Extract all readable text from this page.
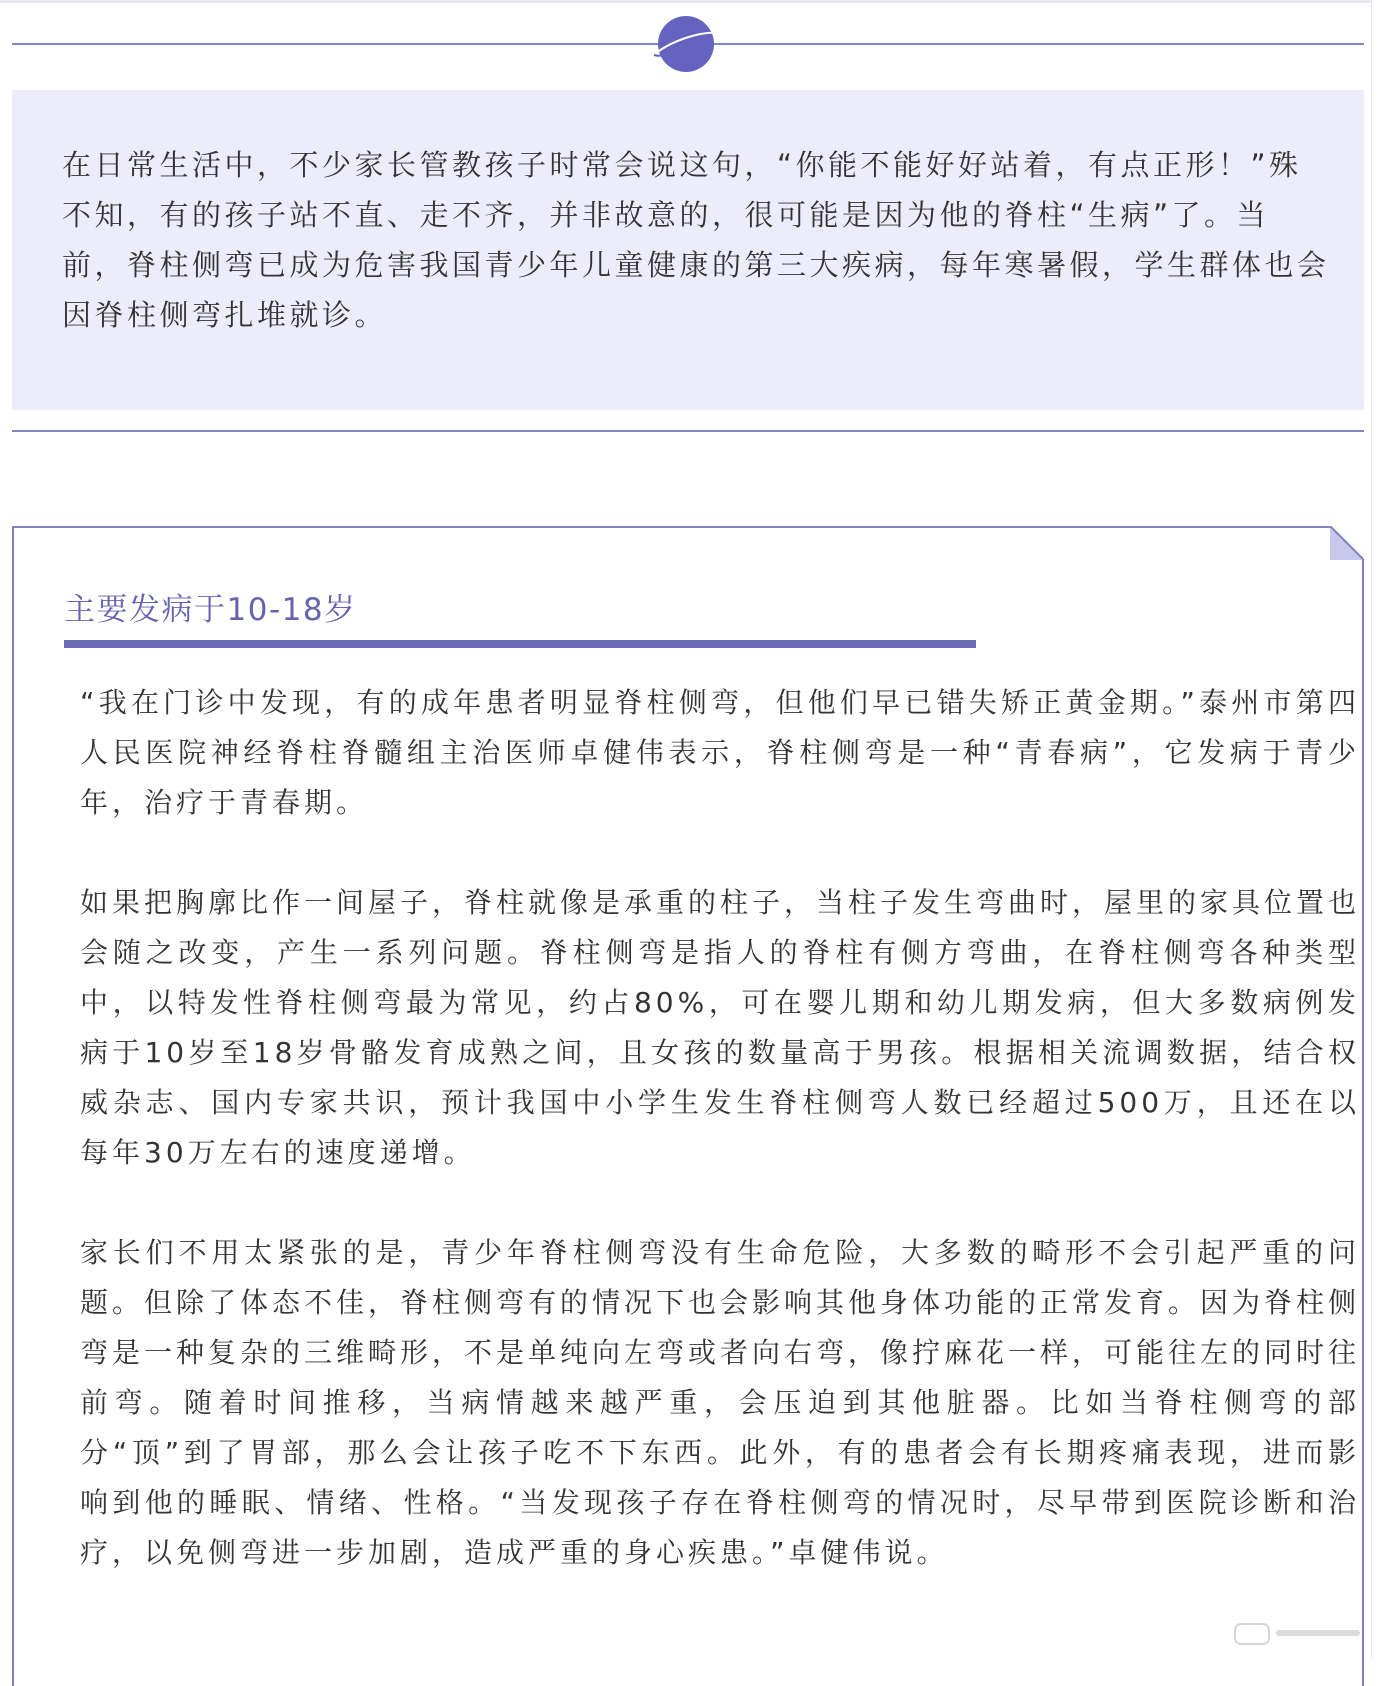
在日常生活中，不少家长管教孩子时常会说这句，“你能不能好好站着，有点正形！”殊不知，有的孩子站不直、走不齐，并非故意的，很可能是因为他的脊柱“生病”了。当前，脊柱侧弯已成为危害我国青少年儿童健康的第三大疾病，每年寒暑假，学生群体也会因脊柱侧弯扎堆就诊。

主要发病于10-18岁

“我在门诊中发现，有的成年患者明显脊柱侧弯，但他们早已错失矫正黄金期。”泰州市第四人民医院神经脊柱脊髓组主治医师卓健伟表示，脊柱侧弯是一种“青春病”，它发病于青少年，治疗于青春期。

如果把胸廓比作一间屋子，脊柱就像是承重的柱子，当柱子发生弯曲时，屋里的家具位置也会随之改变，产生一系列问题。脊柱侧弯是指人的脊柱有侧方弯曲，在脊柱侧弯各种类型中，以特发性脊柱侧弯最为常见，约占80%，可在婴儿期和幼儿期发病，但大多数病例发病于10岁至18岁骨骼发育成熟之间，且女孩的数量高于男孩。根据相关流调数据，结合权威杂志、国内专家共识，预计我国中小学生发生脊柱侧弯人数已经超过500万，且还在以每年30万左右的速度递增。

家长们不用太紧张的是，青少年脊柱侧弯没有生命危险，大多数的畸形不会引起严重的问题。但除了体态不佳，脊柱侧弯有的情况下也会影响其他身体功能的正常发育。因为脊柱侧弯是一种复杂的三维畸形，不是单纯向左弯或者向右弯，像拧麻花一样，可能往左的同时往前弯。随着时间推移，当病情越来越严重，会压迫到其他脏器。比如当脊柱侧弯的部分“顶”到了胃部，那么会让孩子吃不下东西。此外，有的患者会有长期疼痛表现，进而影响到他的睡眠、情绪、性格。“当发现孩子存在脊柱侧弯的情况时，尽早带到医院诊断和治疗，以免侧弯进一步加剧，造成严重的身心疾患。”卓健伟说。
